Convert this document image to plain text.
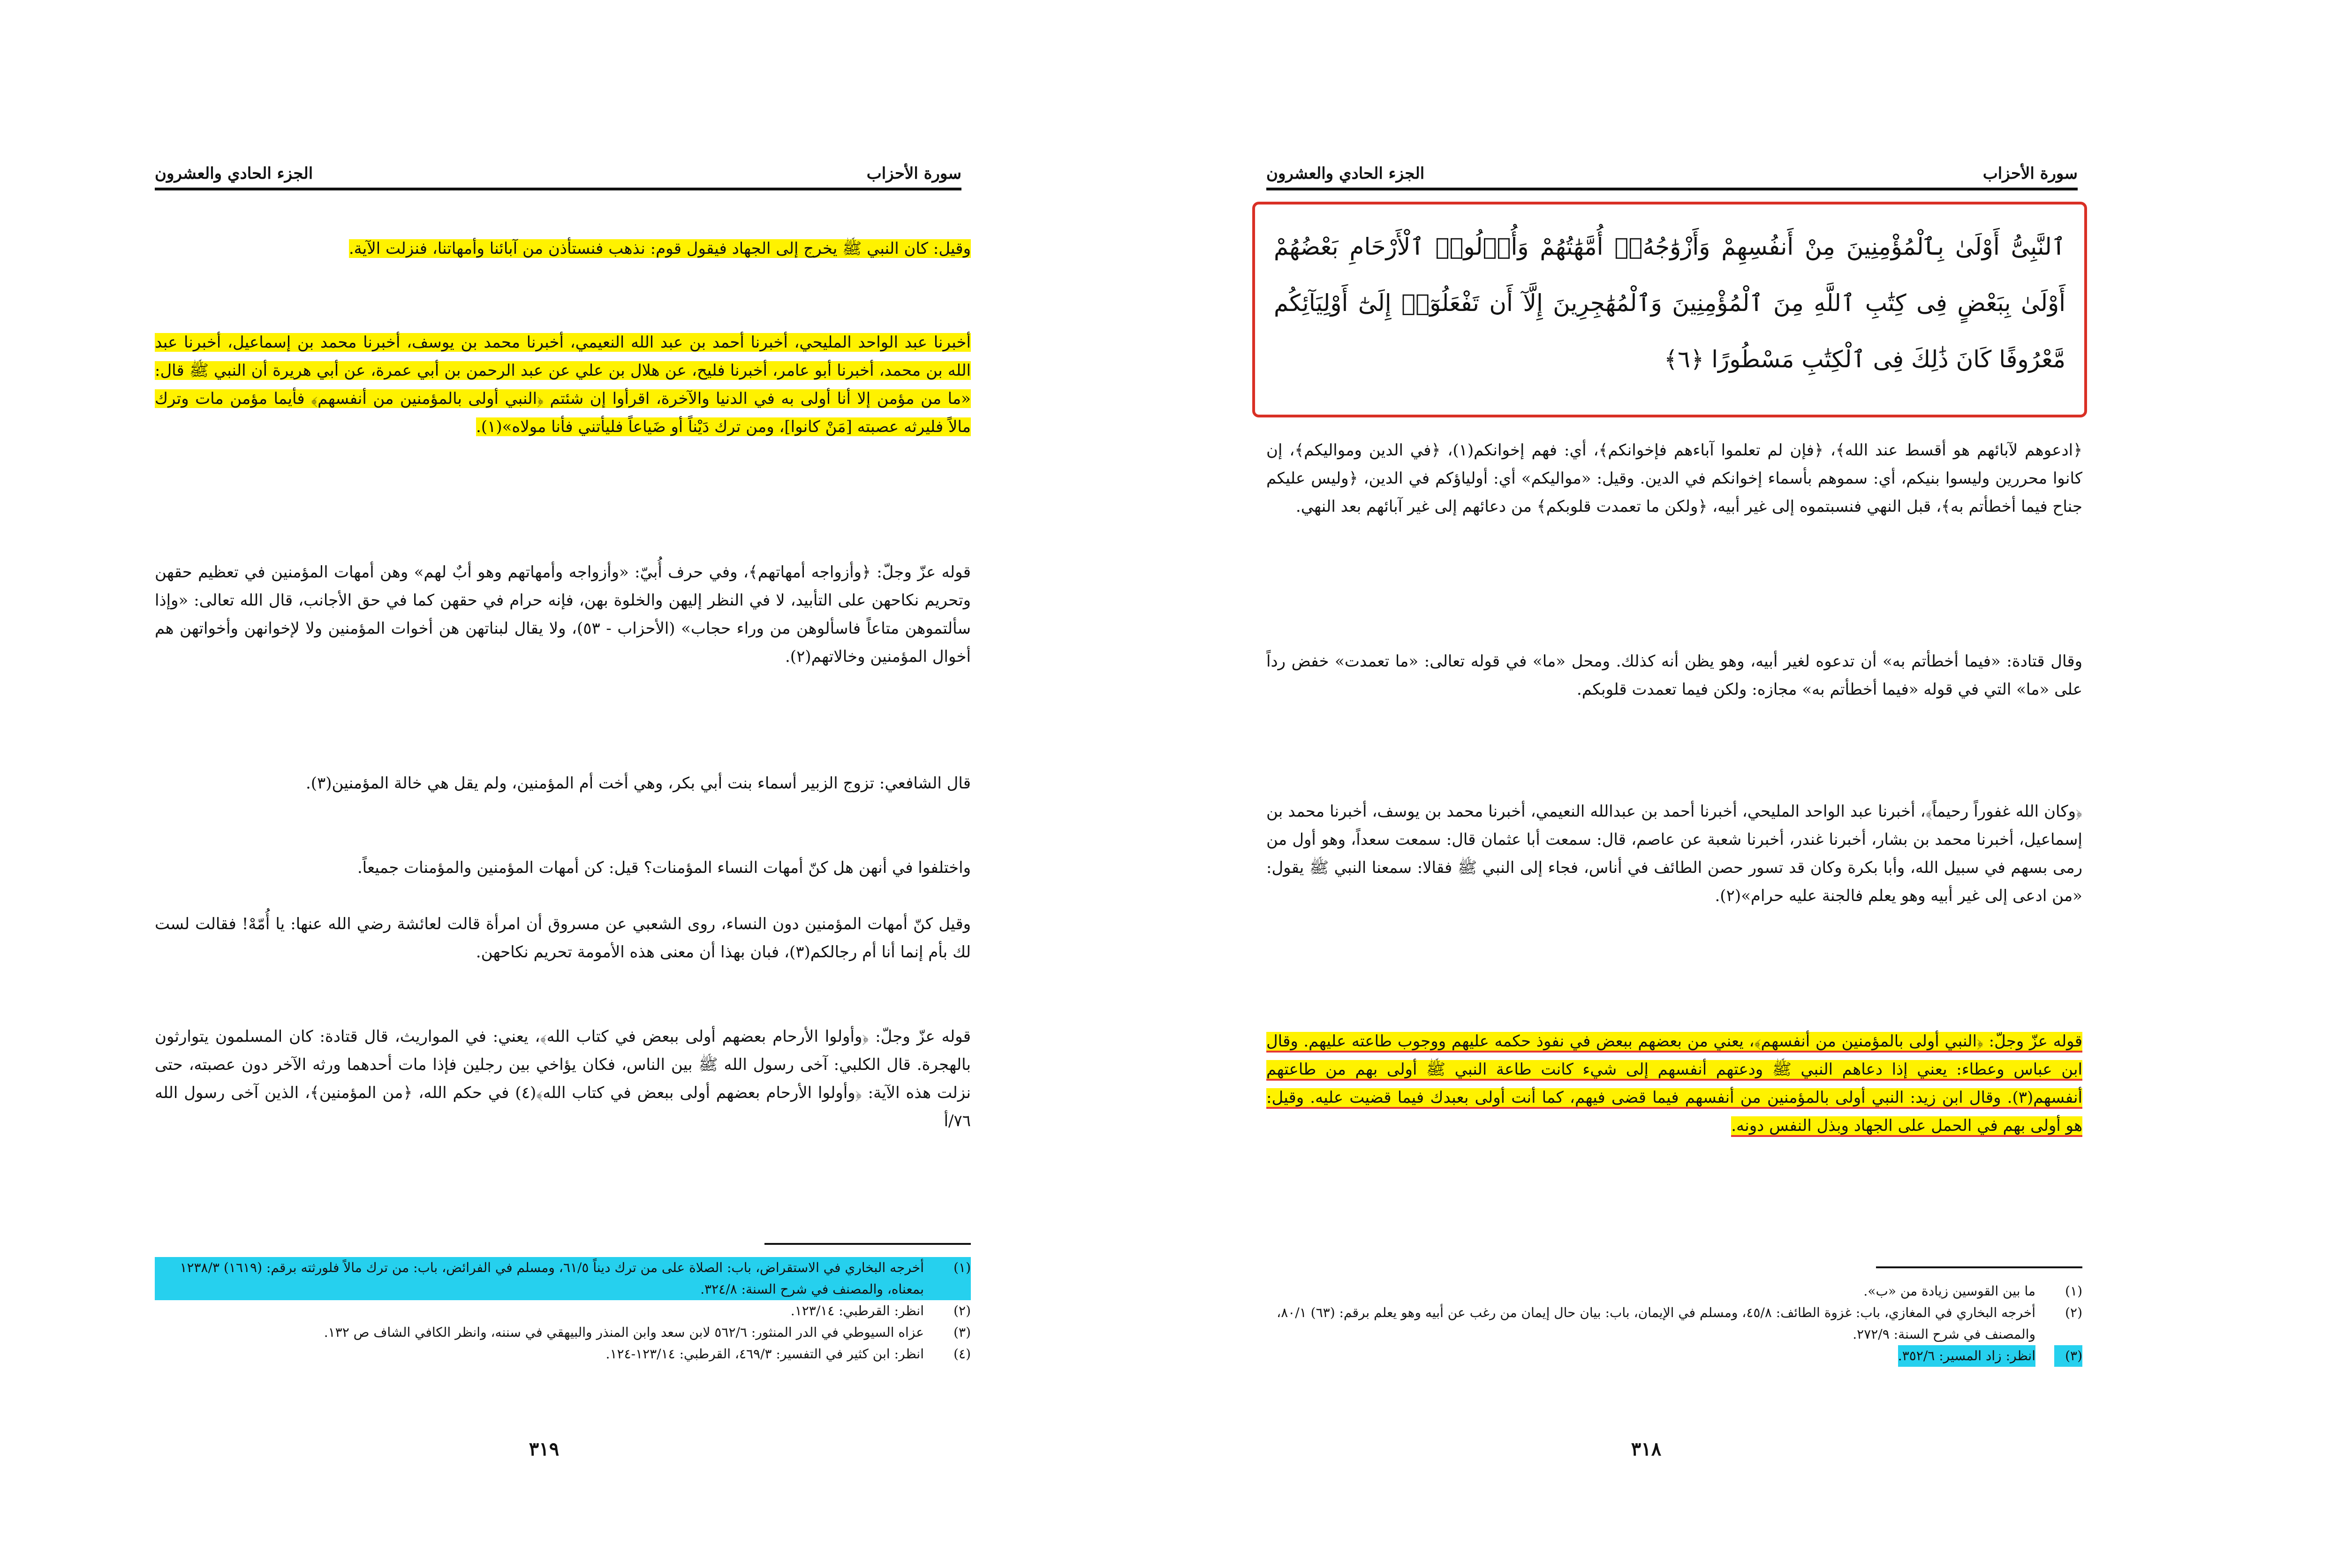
سورة الأحزاب
الجزء الحادي والعشرون
وقيل: كان النبي ﷺ يخرج إلى الجهاد فيقول قوم: نذهب فنستأذن من آبائنا وأمهاتنا، فنزلت الآية.
أخبرنا عبد الواحد المليحي، أخبرنا أحمد بن عبد الله النعيمي، أخبرنا محمد بن يوسف، أخبرنا محمد بن إسماعيل، أخبرنا عبد الله بن محمد، أخبرنا أبو عامر، أخبرنا فليح، عن هلال بن علي عن عبد الرحمن بن أبي عمرة، عن أبي هريرة أن النبي ﷺ قال: «ما من مؤمن إلا أنا أولى به في الدنيا والآخرة، اقرأوا إن شئتم ﴿النبي أولى بالمؤمنين من أنفسهم﴾ فأيما مؤمن مات وترك مالاً فليرثه عصبته [مَنْ كانوا]، ومن ترك دَيْناً أو ضَياعاً فليأتني فأنا مولاه»(١).
قوله عزّ وجلّ: ﴿وأزواجه أمهاتهم﴾، وفي حرف أُبيّ: «وأزواجه وأمهاتهم وهو أبٌ لهم» وهن أمهات المؤمنين في تعظيم حقهن وتحريم نكاحهن على التأبيد، لا في النظر إليهن والخلوة بهن، فإنه حرام في حقهن كما في حق الأجانب، قال الله تعالى: «وإذا سألتموهن متاعاً فاسألوهن من وراء حجاب» (الأحزاب - ٥٣)، ولا يقال لبناتهن هن أخوات المؤمنين ولا لإخوانهن وأخواتهن هم أخوال المؤمنين وخالاتهم(٢).
قال الشافعي: تزوج الزبير أسماء بنت أبي بكر، وهي أخت أم المؤمنين، ولم يقل هي خالة المؤمنين(٣).
واختلفوا في أنهن هل كنّ أمهات النساء المؤمنات؟ قيل: كن أمهات المؤمنين والمؤمنات جميعاً.
وقيل كنّ أمهات المؤمنين دون النساء، روى الشعبي عن مسروق أن امرأة قالت لعائشة رضي الله عنها: يا أُمّهْ! فقالت لست لك بأم إنما أنا أم رجالكم(٣)، فبان بهذا أن معنى هذه الأمومة تحريم نكاحهن.
قوله عزّ وجلّ: ﴿وأولوا الأرحام بعضهم أولى ببعض في كتاب الله﴾، يعني: في المواريث، قال قتادة: كان المسلمون يتوارثون بالهجرة. قال الكلبي: آخى رسول الله ﷺ بين الناس، فكان يؤاخي بين رجلين فإذا مات أحدهما ورثه الآخر دون عصبته، حتى نزلت هذه الآية: ﴿وأولوا الأرحام بعضهم أولى ببعض في كتاب الله﴾(٤) في حكم الله، ﴿من المؤمنين﴾، الذين آخى رسول الله ٧٦/أ
(١)
أخرجه البخاري في الاستقراض، باب: الصلاة على من ترك ديناً ٦١/٥، ومسلم في الفرائض، باب: من ترك مالاً فلورثته برقم: (١٦١٩) ١٢٣٨/٣ بمعناه، والمصنف في شرح السنة: ٣٢٤/٨.
(٢)
انظر: القرطبي: ١٢٣/١٤.
(٣)
عزاه السيوطي في الدر المنثور: ٥٦٢/٦ لابن سعد وابن المنذر والبيهقي في سننه، وانظر الكافي الشاف ص ١٣٢.
(٤)
انظر: ابن كثير في التفسير: ٤٦٩/٣، القرطبي: ١٢٣/١٤-١٢٤.
٣١٩
سورة الأحزاب
الجزء الحادي والعشرون
ٱلنَّبِىُّ أَوْلَىٰ بِٱلْمُؤْمِنِينَ مِنْ أَنفُسِهِمْ وَأَزْوَٰجُهُۥٓ أُمَّهَٰتُهُمْ وَأُو۟لُوا۟ ٱلْأَرْحَامِ بَعْضُهُمْ أَوْلَىٰ بِبَعْضٍ فِى كِتَٰبِ ٱللَّهِ مِنَ ٱلْمُؤْمِنِينَ وَٱلْمُهَٰجِرِينَ إِلَّآ أَن تَفْعَلُوٓا۟ إِلَىٰٓ أَوْلِيَآئِكُم مَّعْرُوفًا كَانَ ذَٰلِكَ فِى ٱلْكِتَٰبِ مَسْطُورًا ﴿٦﴾
﴿ادعوهم لآبائهم هو أقسط عند الله﴾، ﴿فإن لم تعلموا آباءهم فإخوانكم﴾، أي: فهم إخوانكم(١)، ﴿في الدين ومواليكم﴾، إن كانوا محررين وليسوا بنيكم، أي: سموهم بأسماء إخوانكم في الدين. وقيل: «مواليكم» أي: أولياؤكم في الدين، ﴿وليس عليكم جناح فيما أخطأتم به﴾، قبل النهي فنسبتموه إلى غير أبيه، ﴿ولكن ما تعمدت قلوبكم﴾ من دعائهم إلى غير آبائهم بعد النهي.
وقال قتادة: «فيما أخطأتم به» أن تدعوه لغير أبيه، وهو يظن أنه كذلك. ومحل «ما» في قوله تعالى: «ما تعمدت» خفض رداً على «ما» التي في قوله «فيما أخطأتم به» مجازه: ولكن فيما تعمدت قلوبكم.
﴿وكان الله غفوراً رحيماً﴾، أخبرنا عبد الواحد المليحي، أخبرنا أحمد بن عبدالله النعيمي، أخبرنا محمد بن يوسف، أخبرنا محمد بن إسماعيل، أخبرنا محمد بن بشار، أخبرنا غندر، أخبرنا شعبة عن عاصم، قال: سمعت أبا عثمان قال: سمعت سعداً، وهو أول من رمى بسهم في سبيل الله، وأبا بكرة وكان قد تسور حصن الطائف في أناس، فجاء إلى النبي ﷺ فقالا: سمعنا النبي ﷺ يقول: «من ادعى إلى غير أبيه وهو يعلم فالجنة عليه حرام»(٢).
قوله عزّ وجلّ: ﴿النبي أولى بالمؤمنين من أنفسهم﴾، يعني من بعضهم ببعض في نفوذ حكمه عليهم ووجوب طاعته عليهم. وقال ابن عباس وعطاء: يعني إذا دعاهم النبي ﷺ ودعتهم أنفسهم إلى شيء كانت طاعة النبي ﷺ أولى بهم من طاعتهم أنفسهم(٣). وقال ابن زيد: النبي أولى بالمؤمنين من أنفسهم فيما قضى فيهم، كما أنت أولى بعبدك فيما قضيت عليه. وقيل: هو أولى بهم في الحمل على الجهاد وبذل النفس دونه.
(١)
ما بين القوسين زيادة من «ب».
(٢)
أخرجه البخاري في المغازي، باب: غزوة الطائف: ٤٥/٨، ومسلم في الإيمان، باب: بيان حال إيمان من رغب عن أبيه وهو يعلم برقم: (٦٣) ٨٠/١، والمصنف في شرح السنة: ٢٧٢/٩.
(٣)
انظر: زاد المسير: ٣٥٢/٦.
٣١٨
